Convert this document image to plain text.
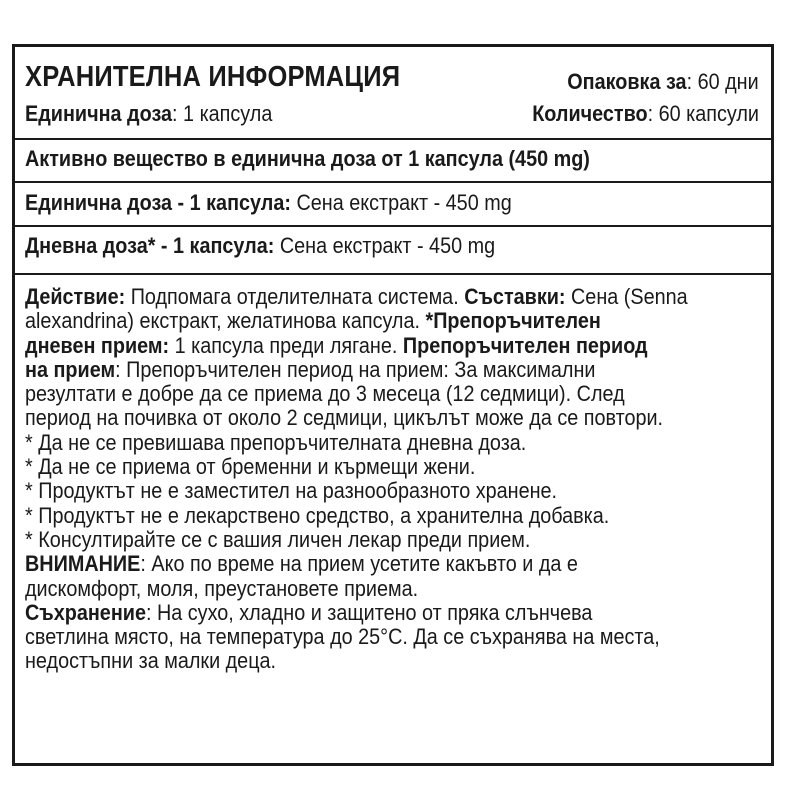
ХРАНИТЕЛНА ИНФОРМАЦИЯ	Опаковка за: 60 дни
Единична доза: 1 капсула	Количество: 60 капсули
Активно вещество в единична доза от 1 капсула (450 mg)
Единична доза - 1 капсула: Сена екстракт - 450 mg
Дневна доза* - 1 капсула: Сена екстракт - 450 mg
Действие: Подпомага отделителната система. Съставки: Сена (Senna
alexandrina) екстракт, желатинова капсула. *Препоръчителен
дневен прием: 1 капсула преди лягане. Препоръчителен период
на прием: Препоръчителен период на прием: За максимални
резултати е добре да се приема до 3 месеца (12 седмици). След
период на почивка от около 2 седмици, цикълът може да се повтори.
* Да не се превишава препоръчителната дневна доза.
* Да не се приема от бременни и кърмещи жени.
* Продуктът не е заместител на разнообразното хранене.
* Продуктът не е лекарствено средство, а хранителна добавка.
* Консултирайте се с вашия личен лекар преди прием.
ВНИМАНИЕ: Ако по време на прием усетите какъвто и да е
дискомфорт, моля, преустановете приема.
Съхранение: На сухо, хладно и защитено от пряка слънчева
светлина място, на температура до 25°C. Да се съхранява на места,
недостъпни за малки деца.
